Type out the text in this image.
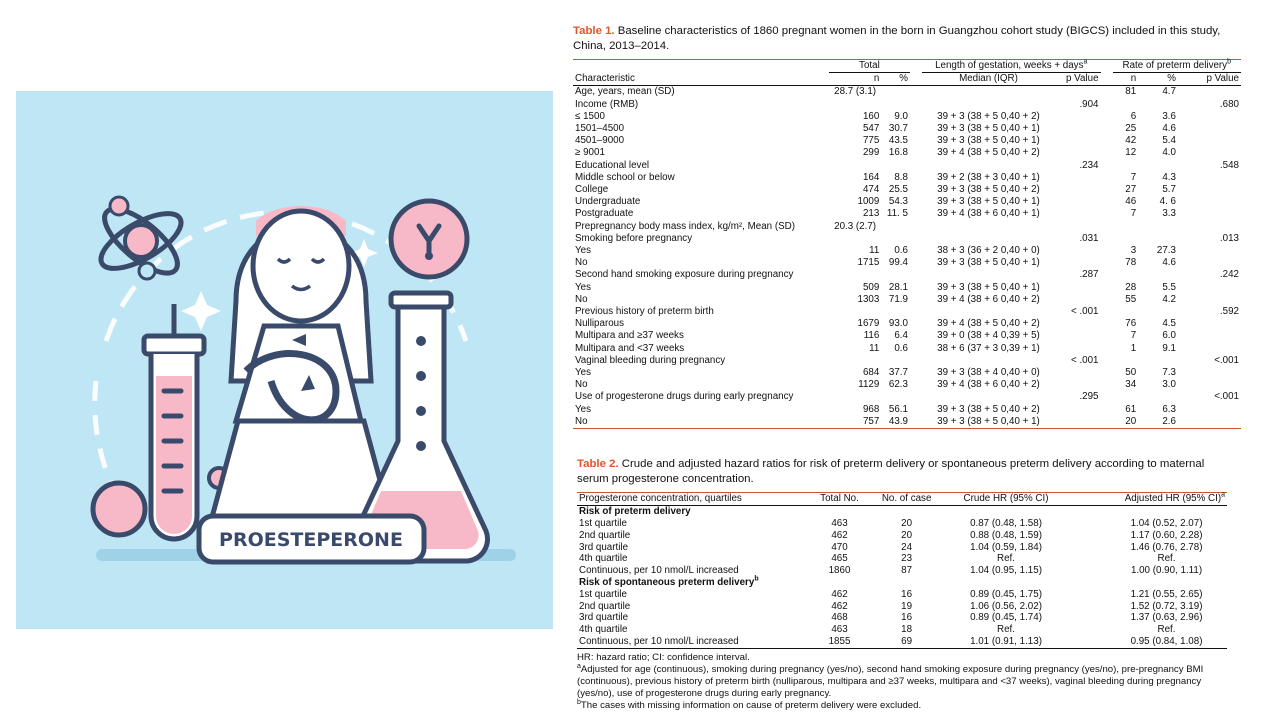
PROESTEPERONE

Table 1. Baseline characteristics of 1860 pregnant women in the born in Guangzhou cohort study (BIGCS) included in this study, China, 2013–2014.

	Total			Length of gestation, weeks + days$^a$			Rate of preterm delivery$^b$
Characteristic	n	%		Median (IQR)	p Value		n	%	p Value
Age, years, mean (SD)	28.7 (3.1)						81	4.7	
Income (RMB)					.904				.680
≤ 1500	160	9.0		39 + 3 (38 + 5 0,40 + 2)			6	3.6	
1501–4500	547	30.7		39 + 3 (38 + 5 0,40 + 1)			25	4.6	
4501–9000	775	43.5		39 + 3 (38 + 5 0,40 + 1)			42	5.4	
≥ 9001	299	16.8		39 + 4 (38 + 5 0,40 + 2)			12	4.0	
Educational level					.234				.548
Middle school or below	164	8.8		39 + 2 (38 + 3 0,40 + 1)			7	4.3	
College	474	25.5		39 + 3 (38 + 5 0,40 + 2)			27	5.7	
Undergraduate	1009	54.3		39 + 3 (38 + 5 0,40 + 1)			46	4. 6	
Postgraduate	213	11. 5		39 + 4 (38 + 6 0,40 + 1)			7	3.3	
Prepregnancy body mass index, kg/m², Mean (SD)	20.3 (2.7)								
Smoking before pregnancy					.031				.013
Yes	11	0.6		38 + 3 (36 + 2 0,40 + 0)			3	27.3	
No	1715	99.4		39 + 3 (38 + 5 0,40 + 1)			78	4.6	
Second hand smoking exposure during pregnancy					.287				.242
Yes	509	28.1		39 + 3 (38 + 5 0,40 + 1)			28	5.5	
No	1303	71.9		39 + 4 (38 + 6 0,40 + 2)			55	4.2	
Previous history of preterm birth					< .001				.592
Nulliparous	1679	93.0		39 + 4 (38 + 5 0,40 + 2)			76	4.5	
Multipara and ≥37 weeks	116	6.4		39 + 0 (38 + 4 0,39 + 5)			7	6.0	
Multipara and <37 weeks	11	0.6		38 + 6 (37 + 3 0,39 + 1)			1	9.1	
Vaginal bleeding during pregnancy					< .001				<.001
Yes	684	37.7		39 + 3 (38 + 4 0,40 + 0)			50	7.3	
No	1129	62.3		39 + 4 (38 + 6 0,40 + 2)			34	3.0	
Use of progesterone drugs during early pregnancy					.295				<.001
Yes	968	56.1		39 + 3 (38 + 5 0,40 + 2)			61	6.3	
No	757	43.9		39 + 3 (38 + 5 0,40 + 1)			20	2.6	

Table 2. Crude and adjusted hazard ratios for risk of preterm delivery or spontaneous preterm delivery according to maternal serum progesterone concentration.

Progesterone concentration, quartiles	Total No.	No. of case	Crude HR (95% CI)	Adjusted HR (95% CI)$^a$
Risk of preterm delivery				
1st quartile	463	20	0.87 (0.48, 1.58)	1.04 (0.52, 2.07)
2nd quartile	462	20	0.88 (0.48, 1.59)	1.17 (0.60, 2.28)
3rd quartile	470	24	1.04 (0.59, 1.84)	1.46 (0.76, 2.78)
4th quartile	465	23	Ref.	Ref.
Continuous, per 10 nmol/L increased	1860	87	1.04 (0.95, 1.15)	1.00 (0.90, 1.11)
Risk of spontaneous preterm delivery$^b$
1st quartile	462	16	0.89 (0.45, 1.75)	1.21 (0.55, 2.65)
2nd quartile	462	19	1.06 (0.56, 2.02)	1.52 (0.72, 3.19)
3rd quartile	468	16	0.89 (0.45, 1.74)	1.37 (0.63, 2.96)
4th quartile	463	18	Ref.	Ref.
Continuous, per 10 nmol/L increased	1855	69	1.01 (0.91, 1.13)	0.95 (0.84, 1.08)

HR: hazard ratio; CI: confidence interval.

$^a$Adjusted for age (continuous), smoking during pregnancy (yes/no), second hand smoking exposure during pregnancy (yes/no), pre-pregnancy BMI (continuous), previous history of preterm birth (nulliparous, multipara and ≥37 weeks, multipara and <37 weeks), vaginal bleeding during pregnancy (yes/no), use of progesterone drugs during early pregnancy.

$^b$The cases with missing information on cause of preterm delivery were excluded.
